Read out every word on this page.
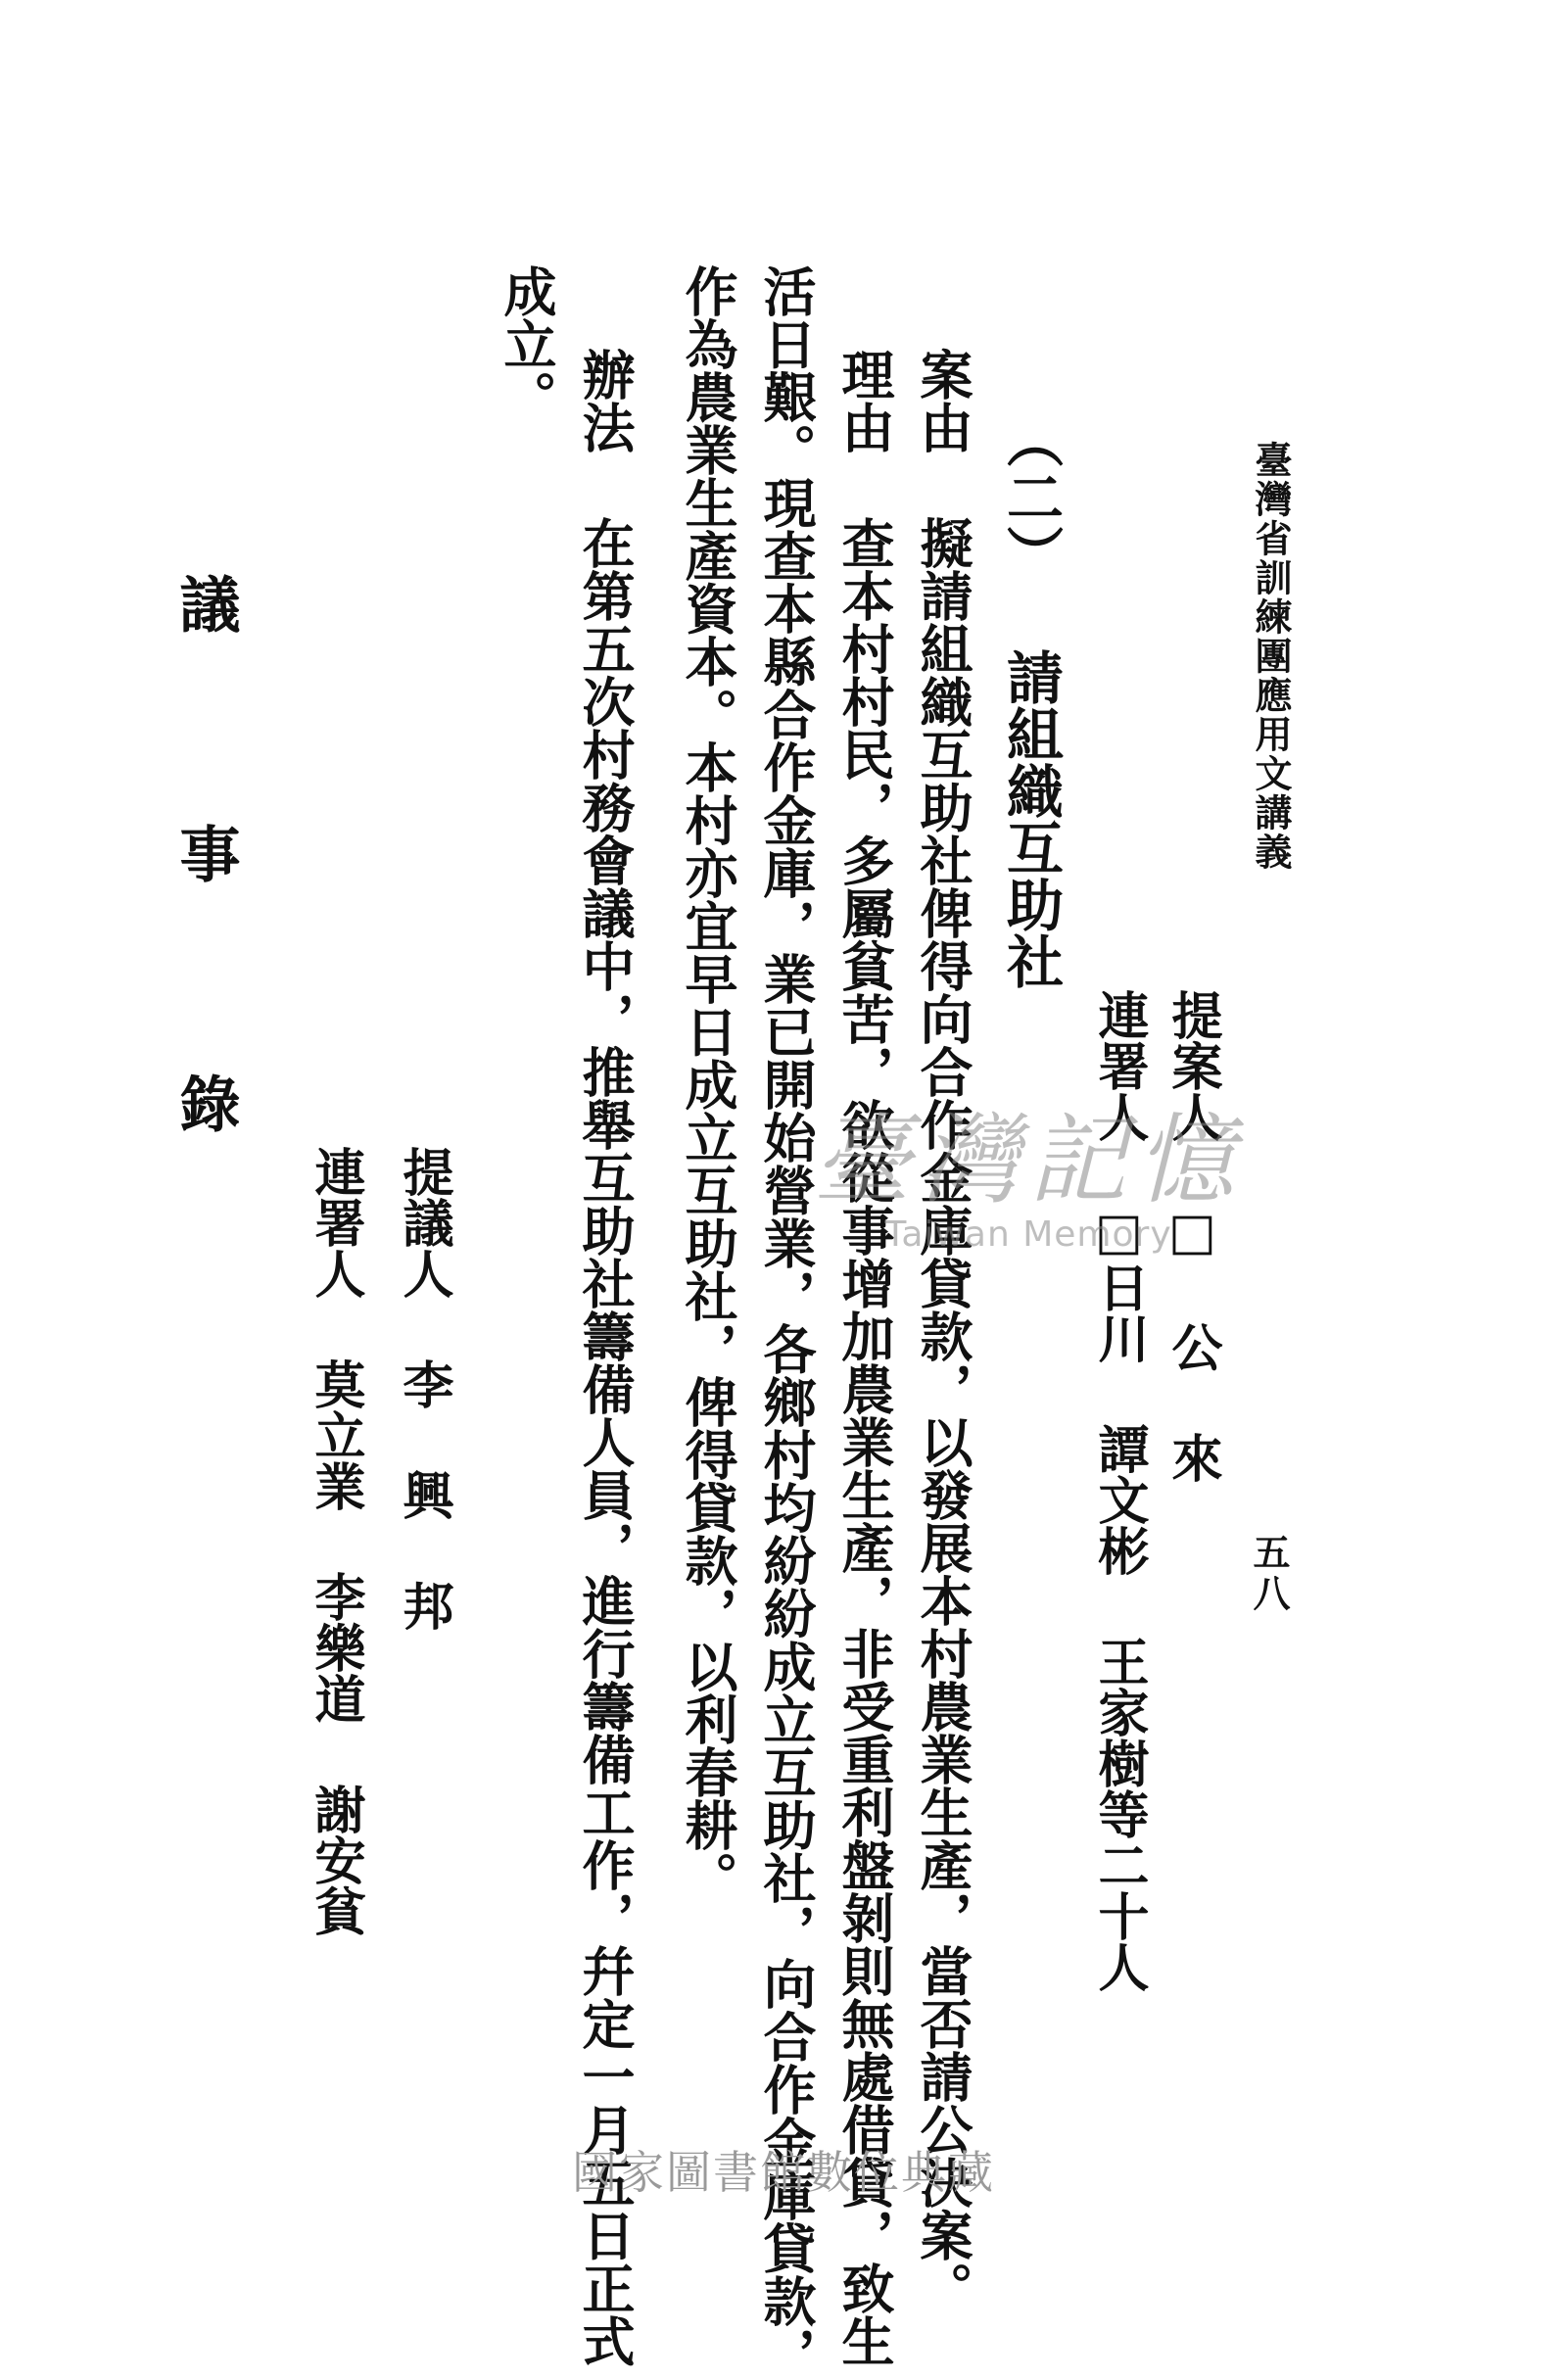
臺灣省訓練團應用文講義
五八
提案人 □ 公 來
連署人 □日川 譚文彬 王家樹等二十人
（二） 請組織互助社
案由 擬請組織互助社俾得向合作金庫貸款，以發展本村農業生產，當否請公決案。
理由 查本村村民，多屬貧苦，欲從事增加農業生產，非受重利盤剝則無處借貸，致生
活日艱。現查本縣合作金庫，業已開始營業，各鄉村均紛紛成立互助社，向合作金庫貸款，
作為農業生產資本。本村亦宜早日成立互助社，俾得貸款，以利春耕。
辦法 在第五次村務會議中，推舉互助社籌備人員，進行籌備工作，幷定一月五日正式
成立。
提議人 李 興 邦
連署人 莫立業 李樂道 謝安貧
議 事 錄	臺灣記憶
Taiwan Memory
國家圖書館數位典藏
